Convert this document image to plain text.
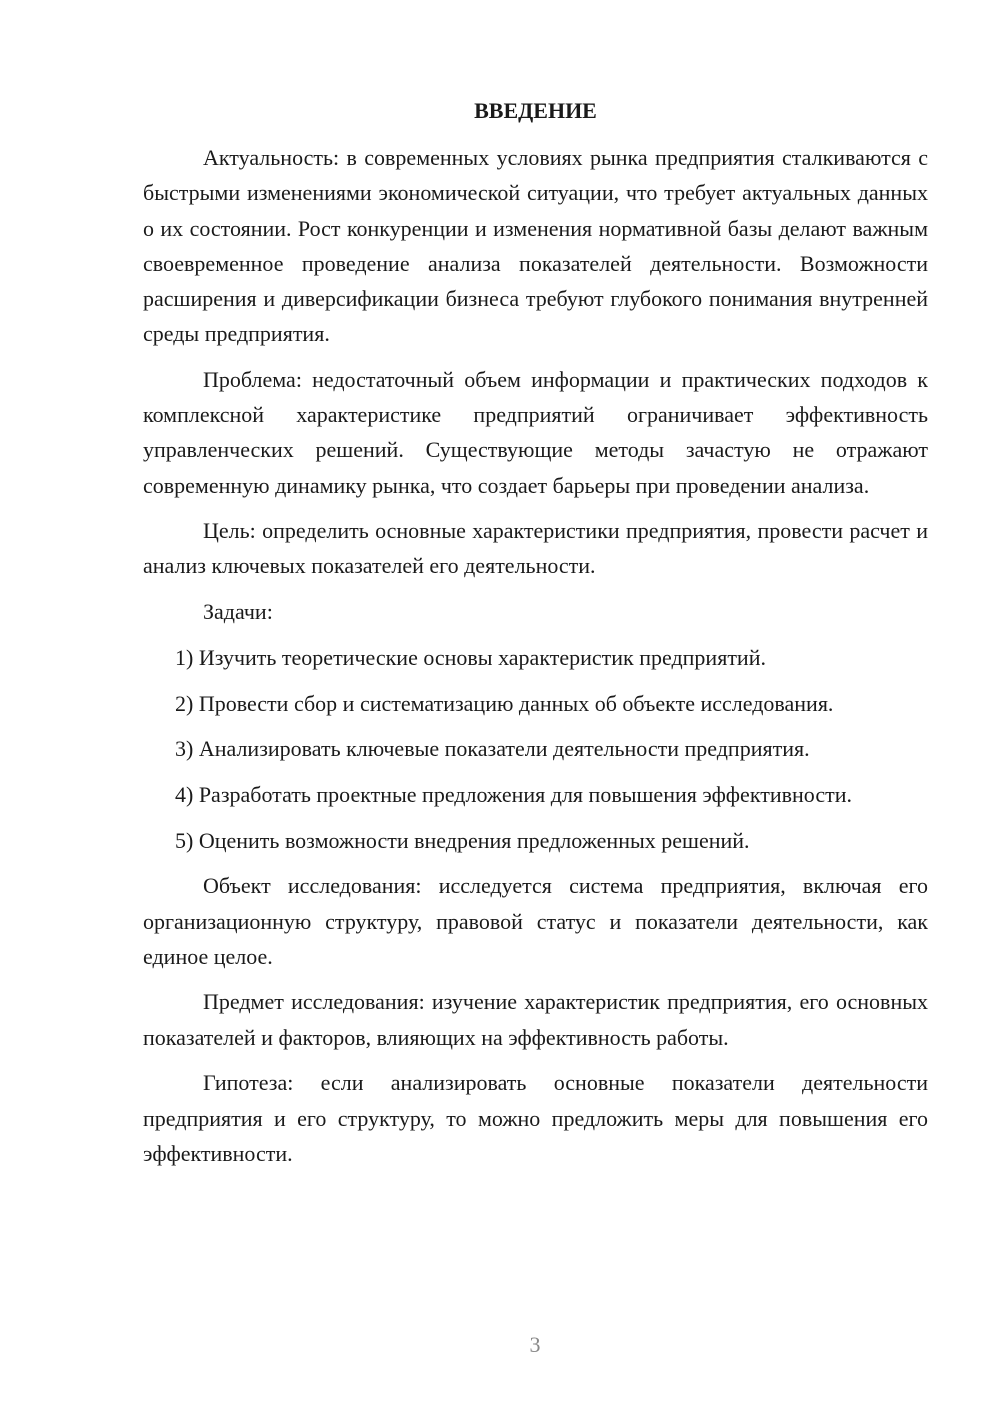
ВВЕДЕНИЕ

Актуальность: в современных условиях рынка предприятия сталкиваются с быстрыми изменениями экономической ситуации, что требует актуальных данных о их состоянии. Рост конкуренции и изменения нормативной базы делают важным своевременное проведение анализа показателей деятельности. Возможности расширения и диверсификации бизнеса требуют глубокого понимания внутренней среды предприятия.

Проблема: недостаточный объем информации и практических подходов к комплексной характеристике предприятий ограничивает эффективность управленческих решений. Существующие методы зачастую не отражают современную динамику рынка, что создает барьеры при проведении анализа.

Цель: определить основные характеристики предприятия, провести расчет и анализ ключевых показателей его деятельности.

Задачи:

1) Изучить теоретические основы характеристик предприятий.

2) Провести сбор и систематизацию данных об объекте исследования.

3) Анализировать ключевые показатели деятельности предприятия.

4) Разработать проектные предложения для повышения эффективности.

5) Оценить возможности внедрения предложенных решений.

Объект исследования: исследуется система предприятия, включая его организационную структуру, правовой статус и показатели деятельности, как единое целое.

Предмет исследования: изучение характеристик предприятия, его основных показателей и факторов, влияющих на эффективность работы.

Гипотеза: если анализировать основные показатели деятельности предприятия и его структуру, то можно предложить меры для повышения его эффективности.

3
